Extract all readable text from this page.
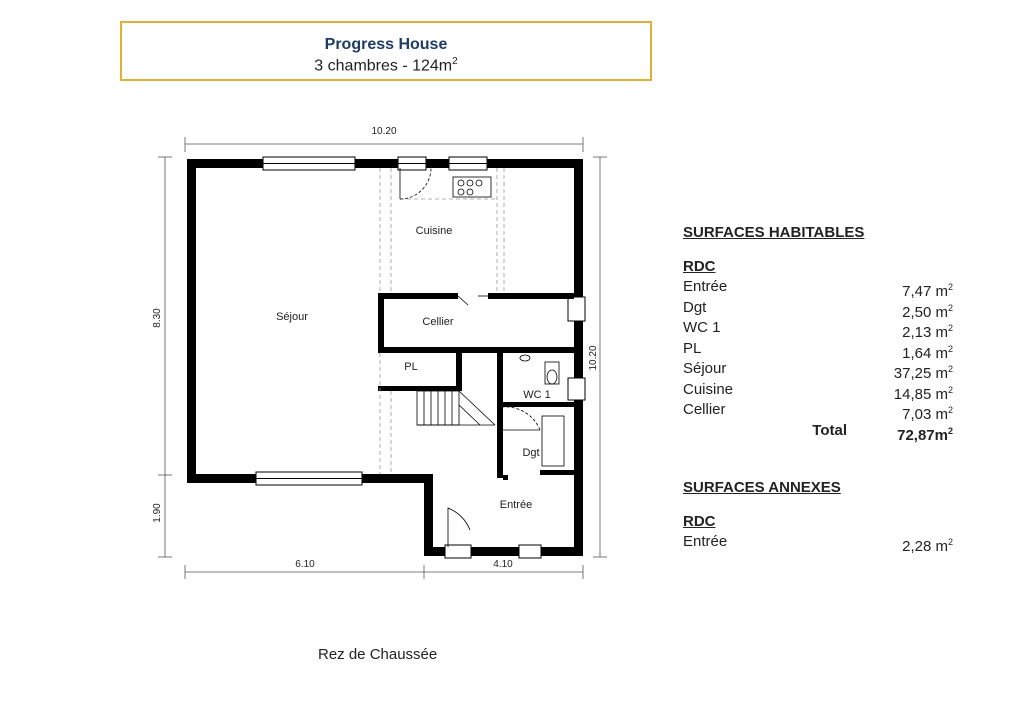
Progress House
3 chambres - $124m^2$
10.20
8.30
1.90
10.20
6.10	4.10
Séjour
Cuisine
Cellier
PL
WC 1
Dgt
Entrée
Rez de Chaussée
SURFACES HABITABLES
RDC
Entrée	7,47 $m^2$
Dgt	2,50 $m^2$
WC 1	2,13 $m^2$
PL	1,64 $m^2$
Séjour	37,25 $m^2$
Cuisine	14,85 $m^2$
Cellier	7,03 $m^2$
Total	$72,87m^2$
SURFACES ANNEXES
RDC
Entrée	2,28 $m^2$
